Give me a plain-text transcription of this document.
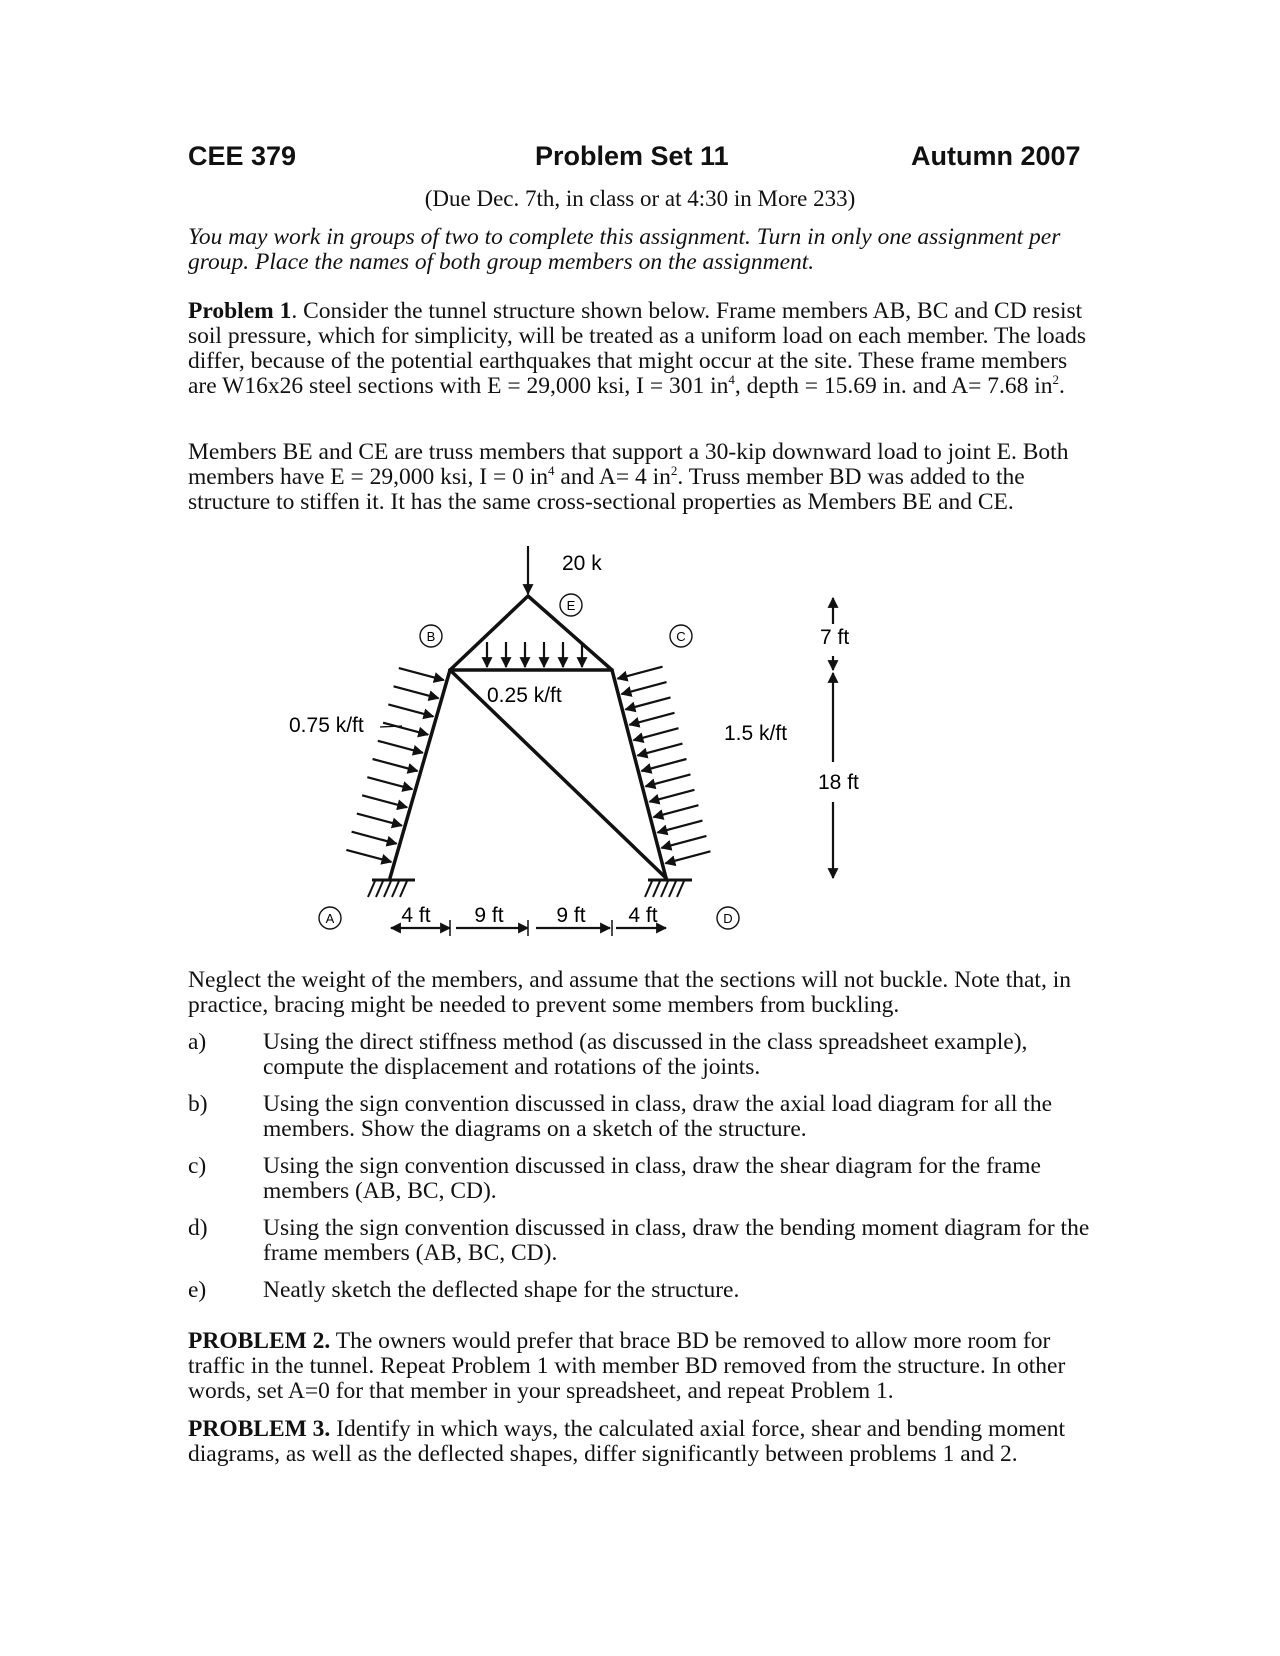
CEE 379	Problem Set 11	Autumn 2007
(Due Dec. 7th, in class or at 4:30 in More 233)
You may work in groups of two to complete this assignment. Turn in only one assignment per group. Place the names of both group members on the assignment.
Problem 1. Consider the tunnel structure shown below. Frame members AB, BC and CD resist soil pressure, which for simplicity, will be treated as a uniform load on each member. The loads differ, because of the potential earthquakes that might occur at the site. These frame members are W16x26 steel sections with E = 29,000 ksi, I = 301 $in^4$, depth = 15.69 in. and A= 7.68 $in^2$.
Members BE and CE are truss members that support a 30-kip downward load to joint E. Both members have E = 29,000 ksi, I = 0 $in^4$ and A= 4 $in^2$. Truss member BD was added to the structure to stiffen it. It has the same cross-sectional properties as Members BE and CE.
20 k
0.25 k/ft
0.75 k/ft	1.5 k/ft
B
E
C
A	D
7 ft
18 ft
4 ft 9 ft	9 ft 4 ft
Neglect the weight of the members, and assume that the sections will not buckle. Note that, in practice, bracing might be needed to prevent some members from buckling.
a) Using the direct stiffness method (as discussed in the class spreadsheet example), compute the displacement and rotations of the joints.
b) Using the sign convention discussed in class, draw the axial load diagram for all the members. Show the diagrams on a sketch of the structure.
c) Using the sign convention discussed in class, draw the shear diagram for the frame members (AB, BC, CD).
d) Using the sign convention discussed in class, draw the bending moment diagram for the frame members (AB, BC, CD).
e) Neatly sketch the deflected shape for the structure.
PROBLEM 2. The owners would prefer that brace BD be removed to allow more room for traffic in the tunnel. Repeat Problem 1 with member BD removed from the structure. In other words, set A=0 for that member in your spreadsheet, and repeat Problem 1.
PROBLEM 3. Identify in which ways, the calculated axial force, shear and bending moment diagrams, as well as the deflected shapes, differ significantly between problems 1 and 2.
